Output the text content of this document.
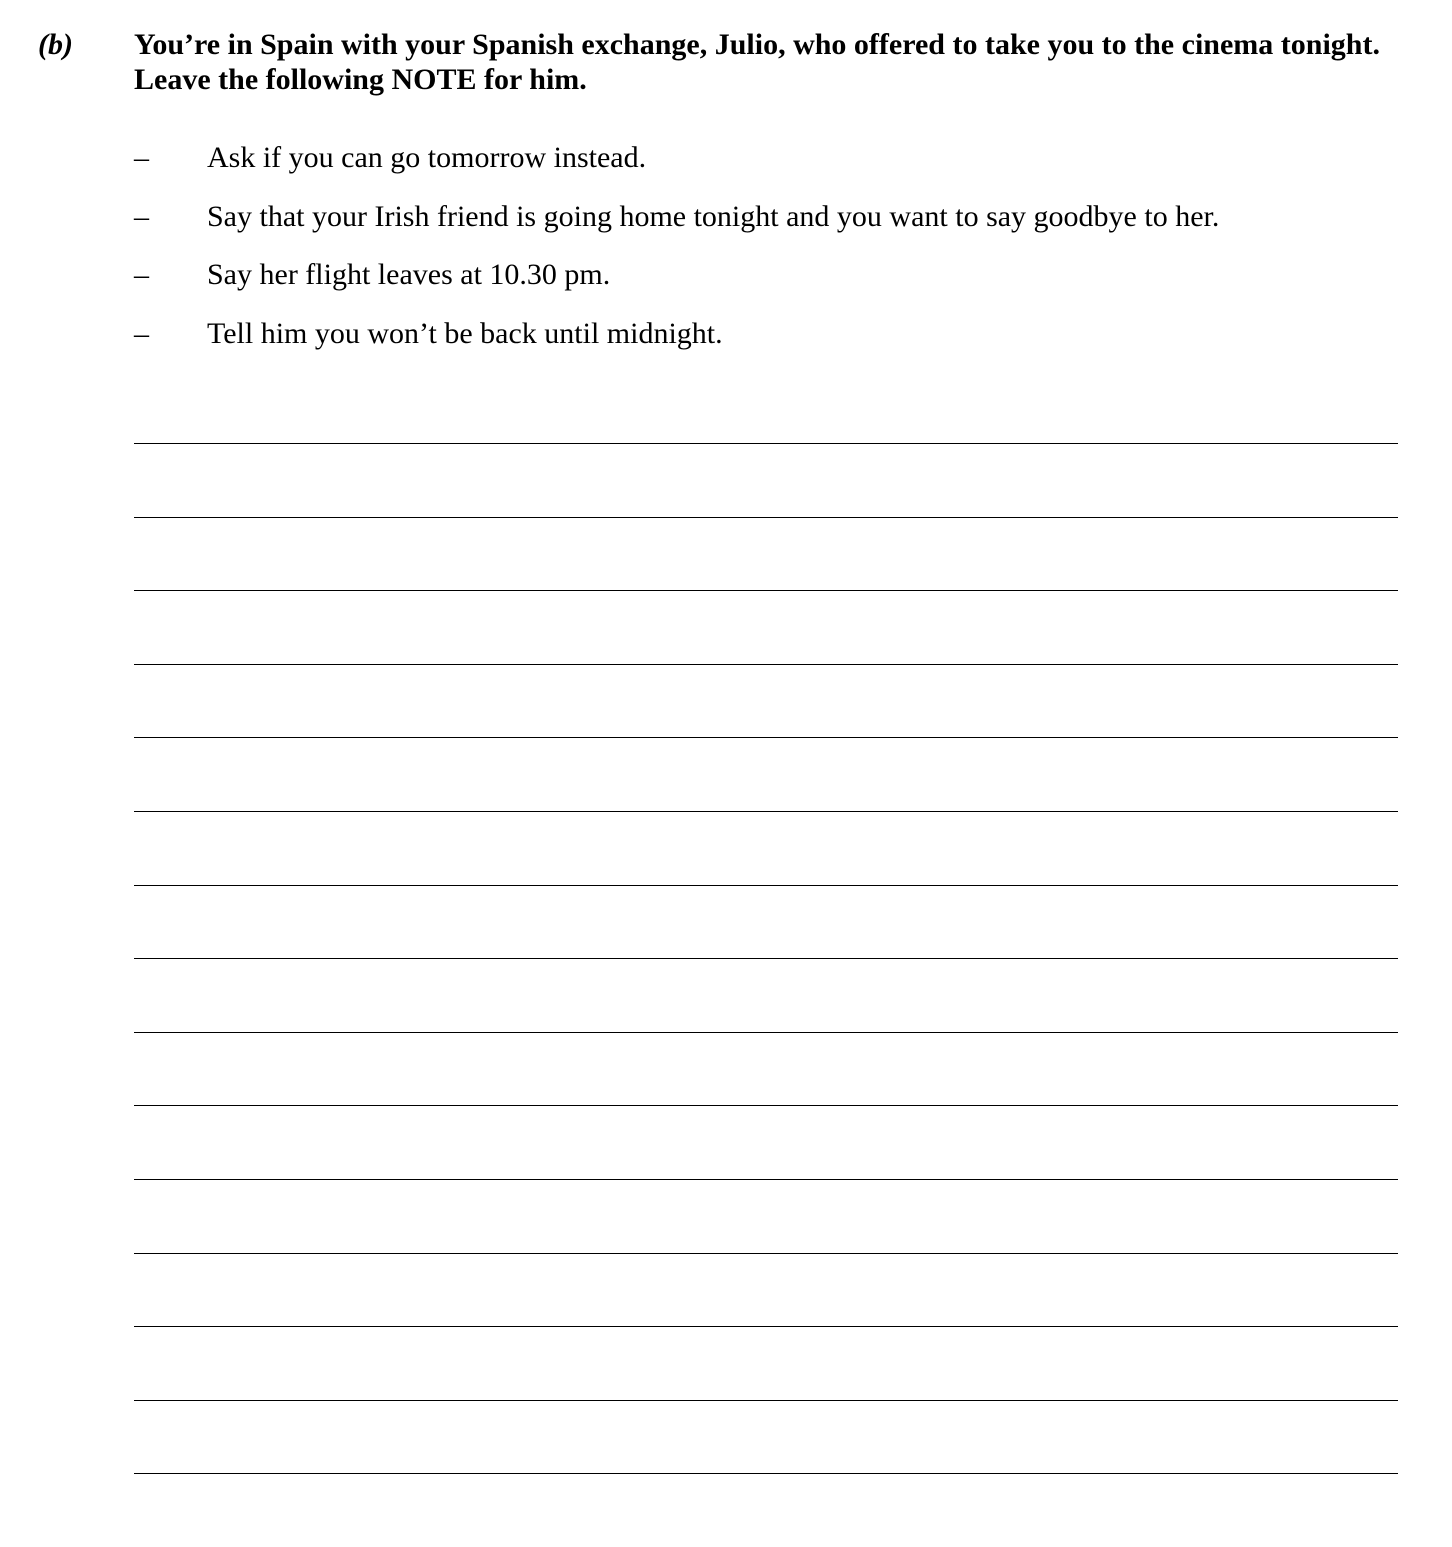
(b) You’re in Spain with your Spanish exchange, Julio, who offered to take you to the cinema tonight. Leave the following NOTE for him.
–	Ask if you can go tomorrow instead.
–	Say that your Irish friend is going home tonight and you want to say goodbye to her.
–	Say her flight leaves at 10.30 pm.
–	Tell him you won’t be back until midnight.
